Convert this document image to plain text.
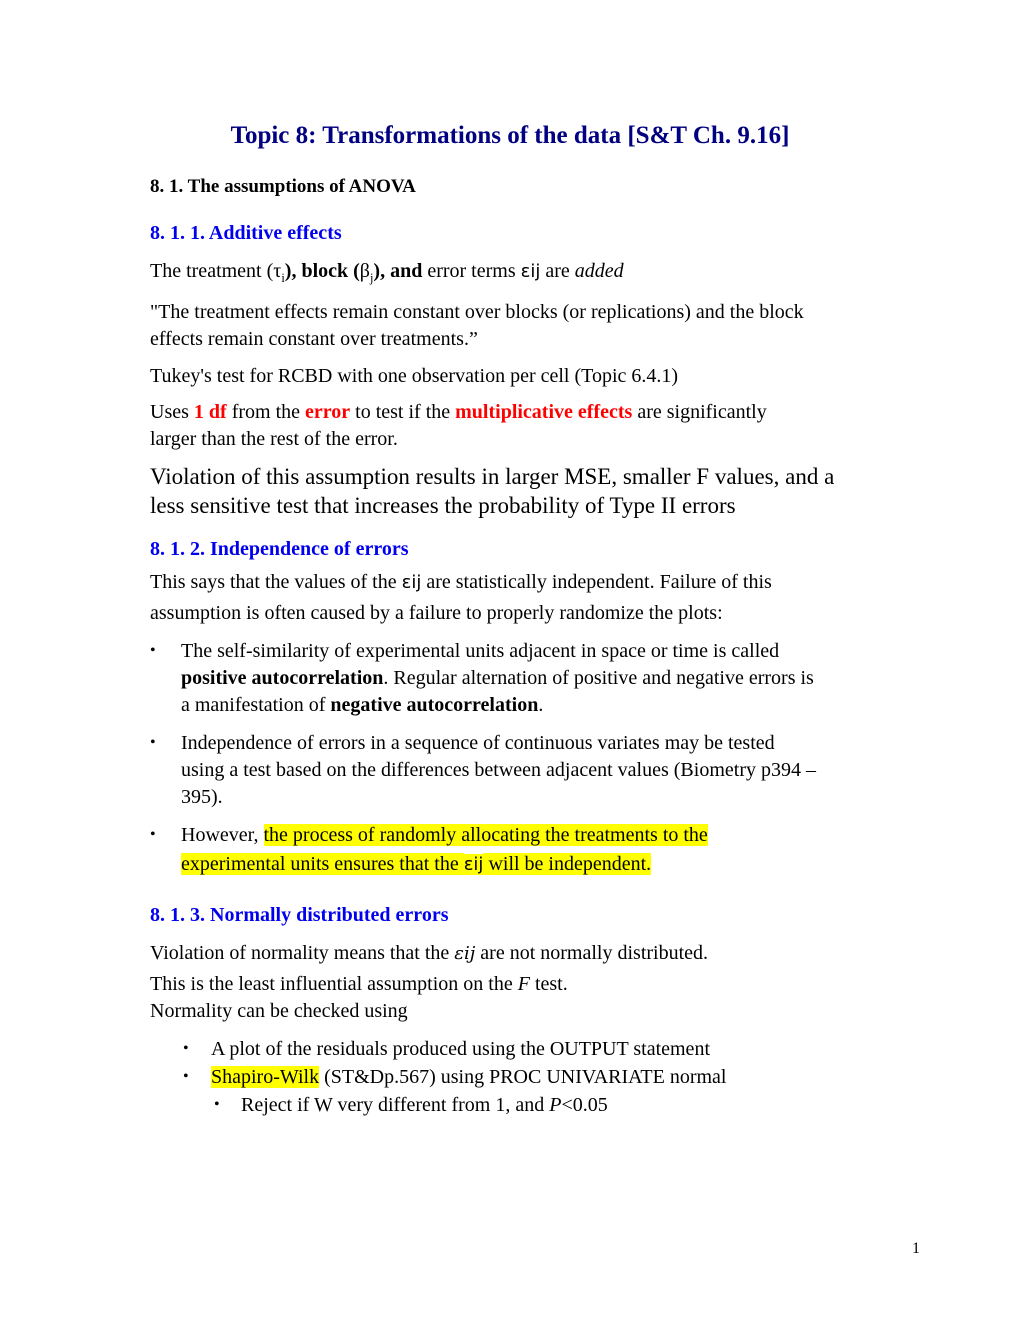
Topic 8: Transformations of the data [S&T Ch. 9.16]
8. 1. The assumptions of ANOVA
8. 1. 1. Additive effects
The treatment $(\tau_i)$, block $(\beta_j)$, and error terms εij are added
"The treatment effects remain constant over blocks (or replications) and the block
effects remain constant over treatments.”
Tukey's test for RCBD with one observation per cell (Topic 6.4.1)
Uses 1 df from the error to test if the multiplicative effects are significantly
larger than the rest of the error.
Violation of this assumption results in larger MSE, smaller F values, and a
less sensitive test that increases the probability of Type II errors
8. 1. 2. Independence of errors
This says that the values of the εij are statistically independent. Failure of this
assumption is often caused by a failure to properly randomize the plots:
• The self-similarity of experimental units adjacent in space or time is called
positive autocorrelation. Regular alternation of positive and negative errors is
a manifestation of negative autocorrelation.
• Independence of errors in a sequence of continuous variates may be tested
using a test based on the differences between adjacent values (Biometry p394 –
395).
• However, the process of randomly allocating the treatments to the
experimental units ensures that the εij will be independent.
8. 1. 3. Normally distributed errors
Violation of normality means that the εij are not normally distributed.
This is the least influential assumption on the F test.
Normality can be checked using
• A plot of the residuals produced using the OUTPUT statement
• Shapiro-Wilk (ST&Dp.567) using PROC UNIVARIATE normal
• Reject if W very different from 1, and P<0.05
1
